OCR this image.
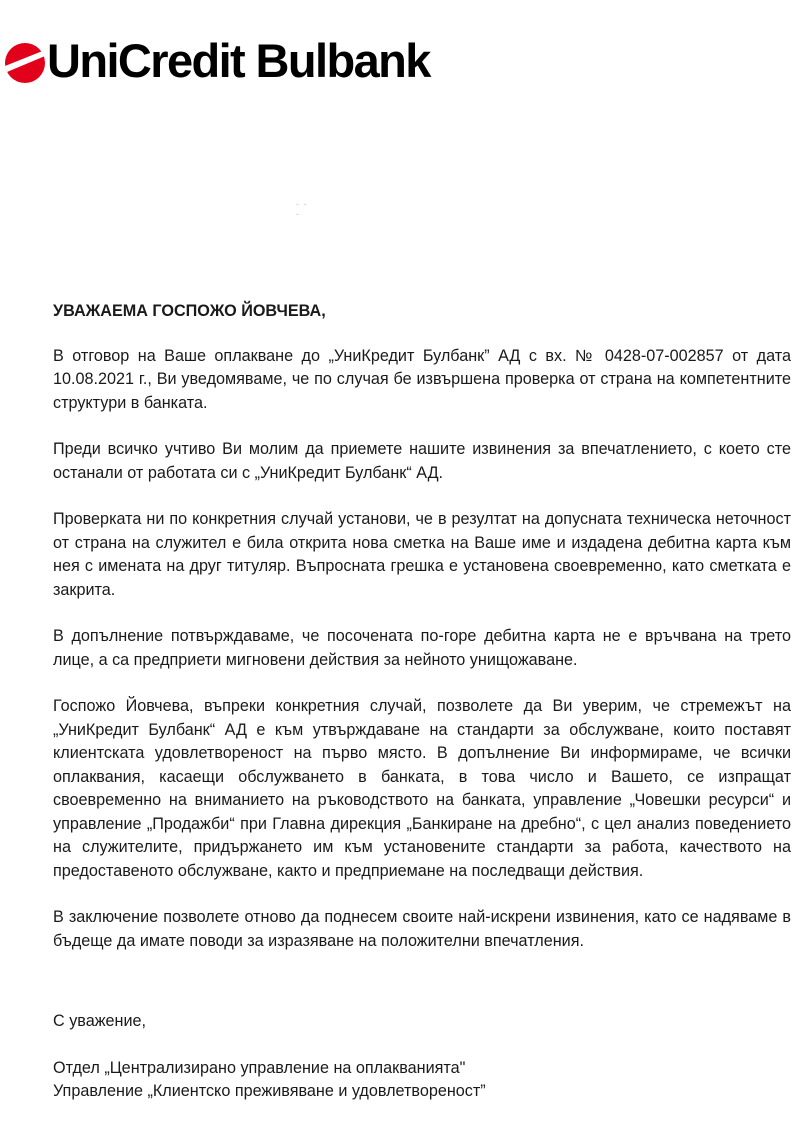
UniCredit Bulbank
- - -

УВАЖАЕМА ГОСПОЖО ЙОВЧЕВА,

В отговор на Ваше оплакване до „УниКредит Булбанк” АД с вх. № 0428-07-002857 от дата 10.08.2021 г., Ви уведомяваме, че по случая бе извършена проверка от страна на компетентните структури в банката.

Преди всичко учтиво Ви молим да приемете нашите извинения за впечатлението, с което сте останали от работата си с „УниКредит Булбанк“ АД.

Проверката ни по конкретния случай установи, че в резултат на допусната техническа неточност от страна на служител е била открита нова сметка на Ваше име и издадена дебитна карта към нея с имената на друг титуляр. Въпросната грешка е установена своевременно, като сметката е закрита.

В допълнение потвърждаваме, че посочената по-горе дебитна карта не е връчвана на трето лице, а са предприети мигновени действия за нейното унищожаване.

Госпожо Йовчева, въпреки конкретния случай, позволете да Ви уверим, че стремежът на „УниКредит Булбанк“ АД е към утвърждаване на стандарти за обслужване, които поставят клиентската удовлетвореност на първо място. В допълнение Ви информираме, че всички оплаквания, касаещи обслужването в банката, в това число и Вашето, се изпращат своевременно на вниманието на ръководството на банката, управление „Човешки ресурси“ и управление „Продажби“ при Главна дирекция „Банкиране на дребно“, с цел анализ поведението на служителите, придържането им към установените стандарти за работа, качеството на предоставеното обслужване, както и предприемане на последващи действия.

В заключение позволете отново да поднесем своите най-искрени извинения, като се надяваме в бъдеще да имате поводи за изразяване на положителни впечатления.

С уважение,

Отдел „Централизирано управление на оплакванията"

Управление „Клиентско преживяване и удовлетвореност”
